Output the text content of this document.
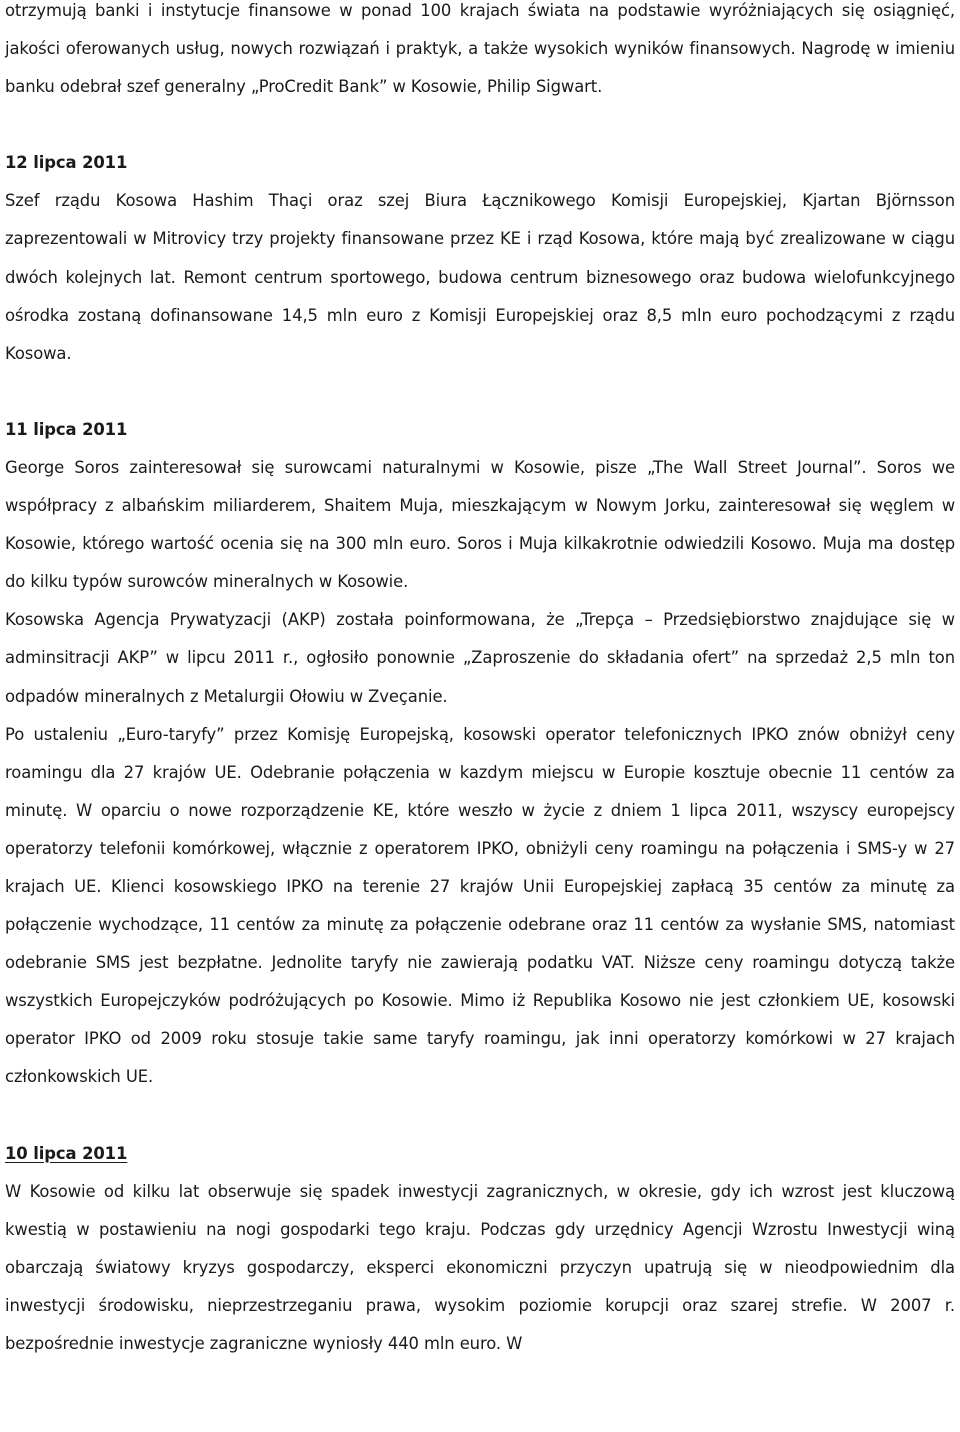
otrzymują banki i instytucje finansowe w ponad 100 krajach świata na podstawie wyróżniających się osiągnięć, jakości oferowanych usług, nowych rozwiązań i praktyk, a także wysokich wyników finansowych. Nagrodę w imieniu banku odebrał szef generalny „ProCredit Bank” w Kosowie, Philip Sigwart.

12 lipca 2011

Szef rządu Kosowa Hashim Thaçi oraz szej Biura Łącznikowego Komisji Europejskiej, Kjartan Björnsson zaprezentowali w Mitrovicy trzy projekty finansowane przez KE i rząd Kosowa, które mają być zrealizowane w ciągu dwóch kolejnych lat. Remont centrum sportowego, budowa centrum biznesowego oraz budowa wielofunkcyjnego ośrodka zostaną dofinansowane 14,5 mln euro z Komisji Europejskiej oraz 8,5 mln euro pochodzącymi z rządu Kosowa.

11 lipca 2011

George Soros zainteresował się surowcami naturalnymi w Kosowie, pisze „The Wall Street Journal”. Soros we współpracy z albańskim miliarderem, Shaitem Muja, mieszkającym w Nowym Jorku, zainteresował się węglem w Kosowie, którego wartość ocenia się na 300 mln euro. Soros i Muja kilkakrotnie odwiedzili Kosowo. Muja ma dostęp do kilku typów surowców mineralnych w Kosowie.

Kosowska Agencja Prywatyzacji (AKP) została poinformowana, że „Trepça – Przedsiębiorstwo znajdujące się w adminsitracji AKP” w lipcu 2011 r., ogłosiło ponownie „Zaproszenie do składania ofert” na sprzedaż 2,5 mln ton odpadów mineralnych z Metalurgii Ołowiu w Zveçanie.

Po ustaleniu „Euro-taryfy” przez Komisję Europejską, kosowski operator telefonicznych IPKO znów obniżył ceny roamingu dla 27 krajów UE. Odebranie połączenia w kazdym miejscu w Europie kosztuje obecnie 11 centów za minutę. W oparciu o nowe rozporządzenie KE, które weszło w życie z dniem 1 lipca 2011, wszyscy europejscy operatorzy telefonii komórkowej, włącznie z operatorem IPKO, obniżyli ceny roamingu na połączenia i SMS-y w 27 krajach UE. Klienci kosowskiego IPKO na terenie 27 krajów Unii Europejskiej zapłacą 35 centów za minutę za połączenie wychodzące, 11 centów za minutę za połączenie odebrane oraz 11 centów za wysłanie SMS, natomiast odebranie SMS jest bezpłatne. Jednolite taryfy nie zawierają podatku VAT. Niższe ceny roamingu dotyczą także wszystkich Europejczyków podróżujących po Kosowie. Mimo iż Republika Kosowo nie jest członkiem UE, kosowski operator IPKO od 2009 roku stosuje takie same taryfy roamingu, jak inni operatorzy komórkowi w 27 krajach członkowskich UE.

10 lipca 2011

W Kosowie od kilku lat obserwuje się spadek inwestycji zagranicznych, w okresie, gdy ich wzrost jest kluczową kwestią w postawieniu na nogi gospodarki tego kraju. Podczas gdy urzędnicy Agencji Wzrostu Inwestycji winą obarczają światowy kryzys gospodarczy, eksperci ekonomiczni przyczyn upatrują się w nieodpowiednim dla inwestycji środowisku, nieprzestrzeganiu prawa, wysokim poziomie korupcji oraz szarej strefie. W 2007 r. bezpośrednie inwestycje zagraniczne wyniosły 440 mln euro. W
